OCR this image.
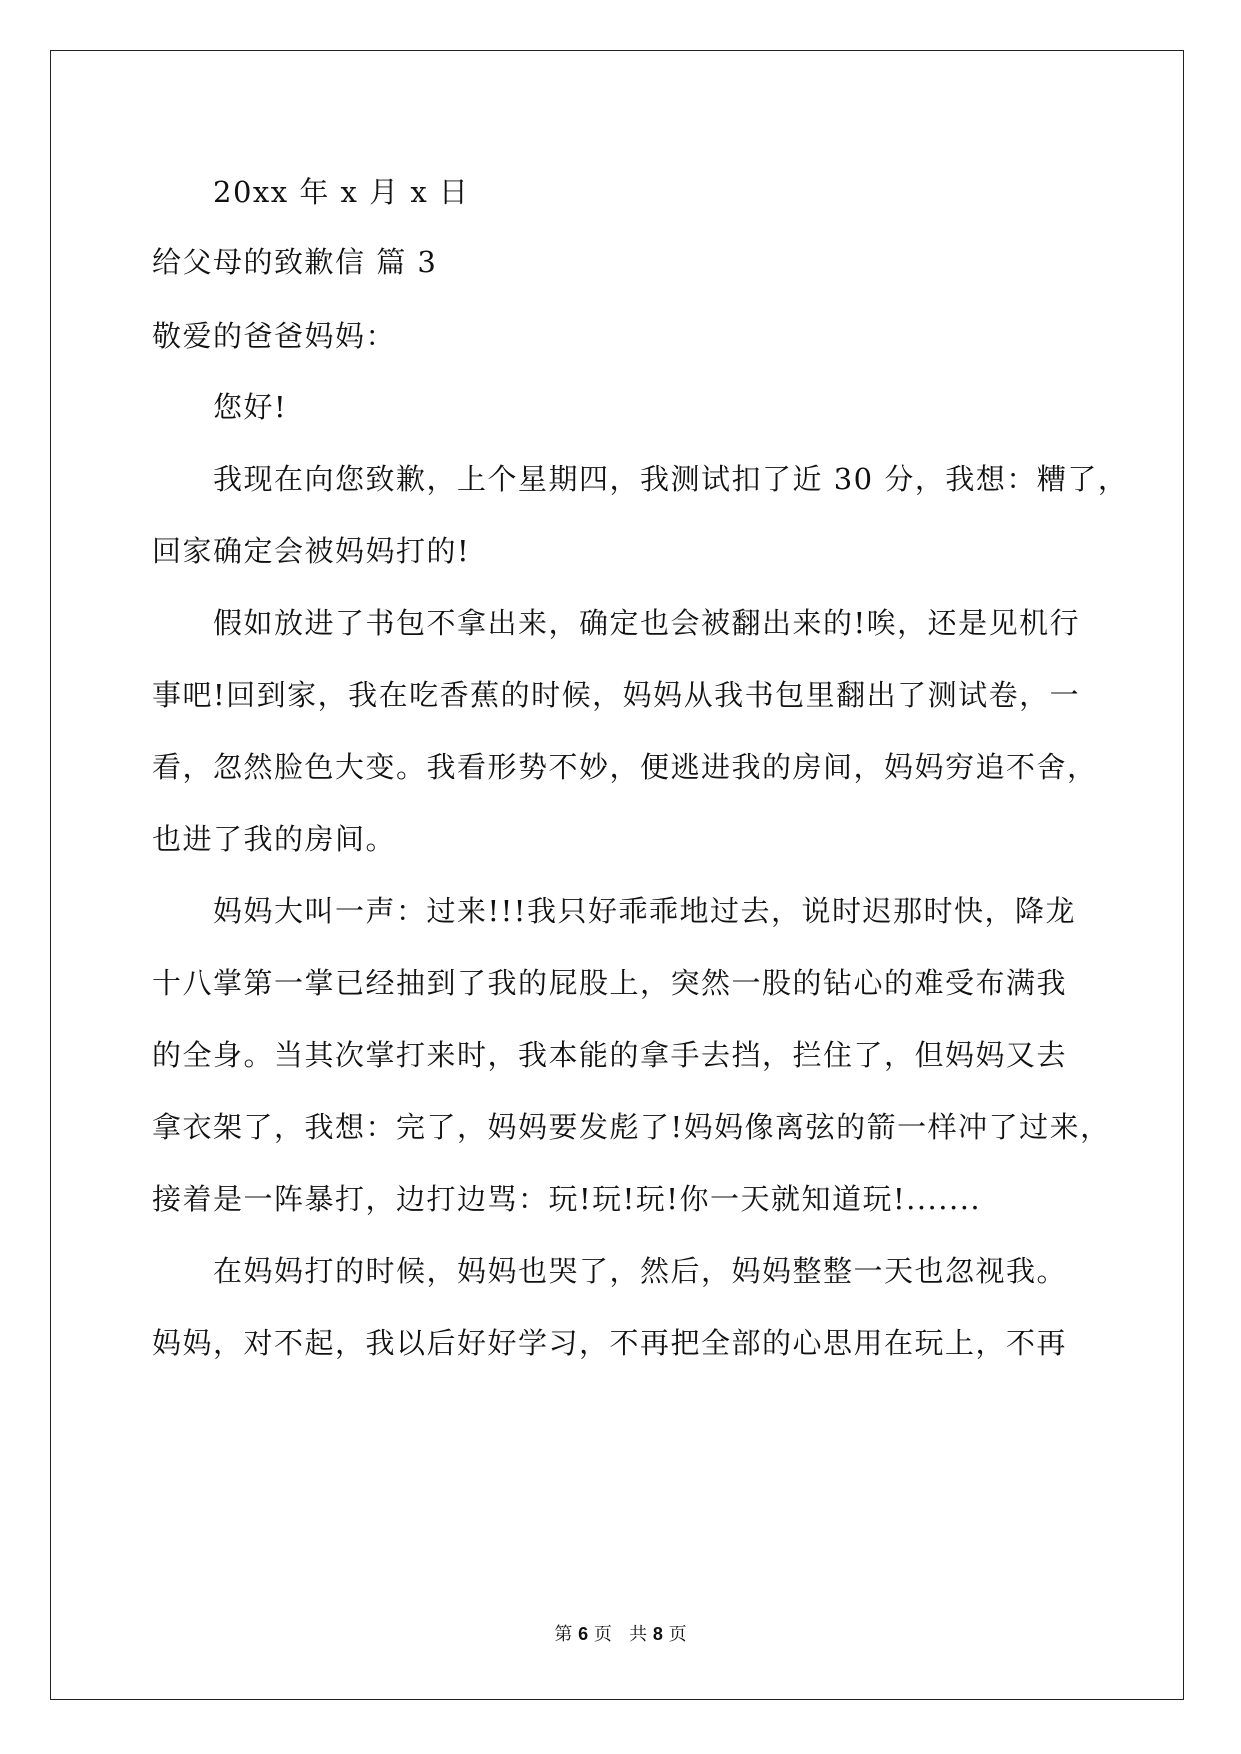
20xx 年 x 月 x 日
给父母的致歉信 篇 3
敬爱的爸爸妈妈：
您好!
我现在向您致歉，上个星期四，我测试扣了近 30 分，我想：糟了，
回家确定会被妈妈打的!
假如放进了书包不拿出来，确定也会被翻出来的!唉，还是见机行
事吧!回到家，我在吃香蕉的时候，妈妈从我书包里翻出了测试卷，一
看，忽然脸色大变。我看形势不妙，便逃进我的房间，妈妈穷追不舍，
也进了我的房间。
妈妈大叫一声：过来!!!我只好乖乖地过去，说时迟那时快，降龙
十八掌第一掌已经抽到了我的屁股上，突然一股的钻心的难受布满我
的全身。当其次掌打来时，我本能的拿手去挡，拦住了，但妈妈又去
拿衣架了，我想：完了，妈妈要发彪了!妈妈像离弦的箭一样冲了过来，
接着是一阵暴打，边打边骂：玩!玩!玩!你一天就知道玩!.......
在妈妈打的时候，妈妈也哭了，然后，妈妈整整一天也忽视我。
妈妈，对不起，我以后好好学习，不再把全部的心思用在玩上，不再
第 6 页   共 8 页
